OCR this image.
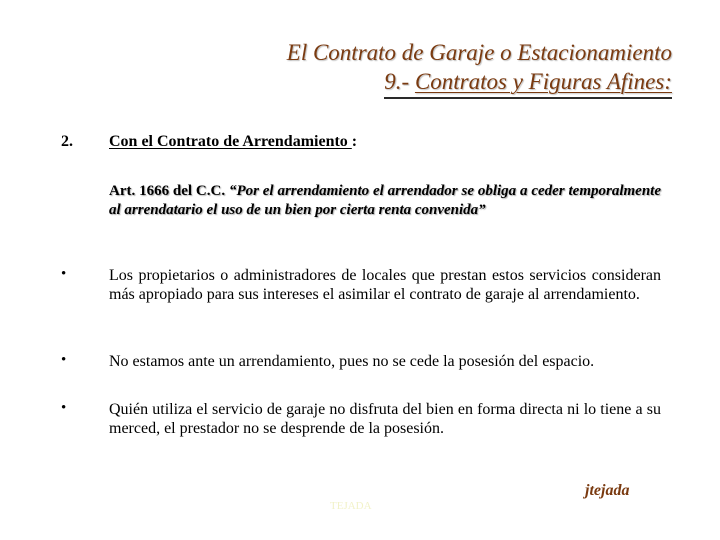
El Contrato de Garaje o Estacionamiento
9.- Contratos y Figuras Afines:
2. Con el Contrato de Arrendamiento :
Art. 1666 del C.C. “Por el arrendamiento el arrendador se obliga a ceder temporalmente al arrendatario el uso de un bien por cierta renta convenida”
•	Los propietarios o administradores de locales que prestan estos servicios consideran más apropiado para sus intereses el asimilar el contrato de garaje al arrendamiento.
•	No estamos ante un arrendamiento, pues no se cede la posesión del espacio.
•	Quién utiliza el servicio de garaje no disfruta del bien en forma directa ni lo tiene a su merced, el prestador no se desprende de la posesión.
TEJADA
jtejada
